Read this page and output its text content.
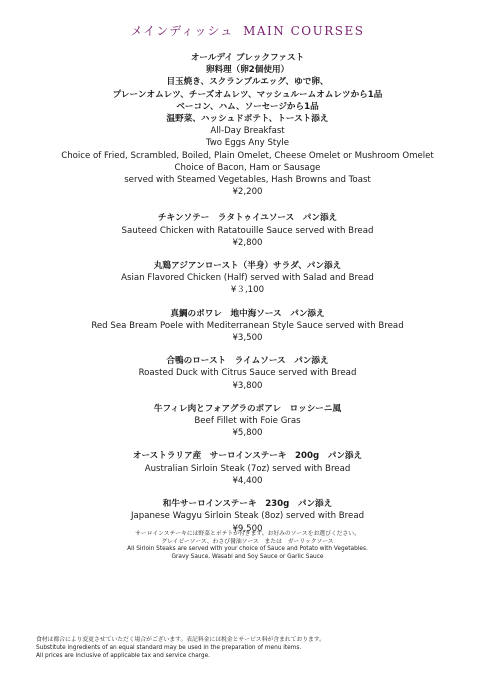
メインディッシュ MAIN COURSES
オールデイ ブレックファスト
卵料理（卵2個使用）
目玉焼き、スクランブルエッグ、ゆで卵、
プレーンオムレツ、チーズオムレツ、マッシュルームオムレツから1品
ベーコン、ハム、ソーセージから1品
温野菜、ハッシュドポテト、トースト添え
All-Day Breakfast
Two Eggs Any Style
Choice of Fried, Scrambled, Boiled, Plain Omelet, Cheese Omelet or Mushroom Omelet
Choice of Bacon, Ham or Sausage
served with Steamed Vegetables, Hash Browns and Toast
¥2,200
チキンソテー　ラタトゥイユソース　パン添え
Sauteed Chicken with Ratatouille Sauce served with Bread
¥2,800
丸鶏アジアンロースト（半身）サラダ、パン添え
Asian Flavored Chicken (Half) served with Salad and Bread
¥３,100
真鯛のポワレ　地中海ソース　パン添え
Red Sea Bream Poele with Mediterranean Style Sauce served with Bread
¥3,500
合鴨のロースト　ライムソース　パン添え
Roasted Duck with Citrus Sauce served with Bread
¥3,800
牛フィレ肉とフォアグラのポアレ　ロッシーニ風
Beef Fillet with Foie Gras
¥5,800
オーストラリア産　サーロインステーキ　200g　パン添え
Australian Sirloin Steak (7oz) served with Bread
¥4,400
和牛サーロインステーキ　230g　パン添え
Japanese Wagyu Sirloin Steak (8oz) served with Bread
¥9,500
サーロインステーキには野菜とポテトが付きます。お好みのソースをお選びください。
グレイビーソース、わさび醤油ソース　または　ガーリックソース
All Sirloin Steaks are served with your choice of Sauce and Potato with Vegetables.
Gravy Sauce, Wasabi and Soy Sauce or Garlic Sauce
食材は都合により変更させていただく場合がございます。表記料金には税金とサービス料が含まれております。
Substitute ingredients of an equal standard may be used in the preparation of menu items.
All prices are inclusive of applicable tax and service charge.
